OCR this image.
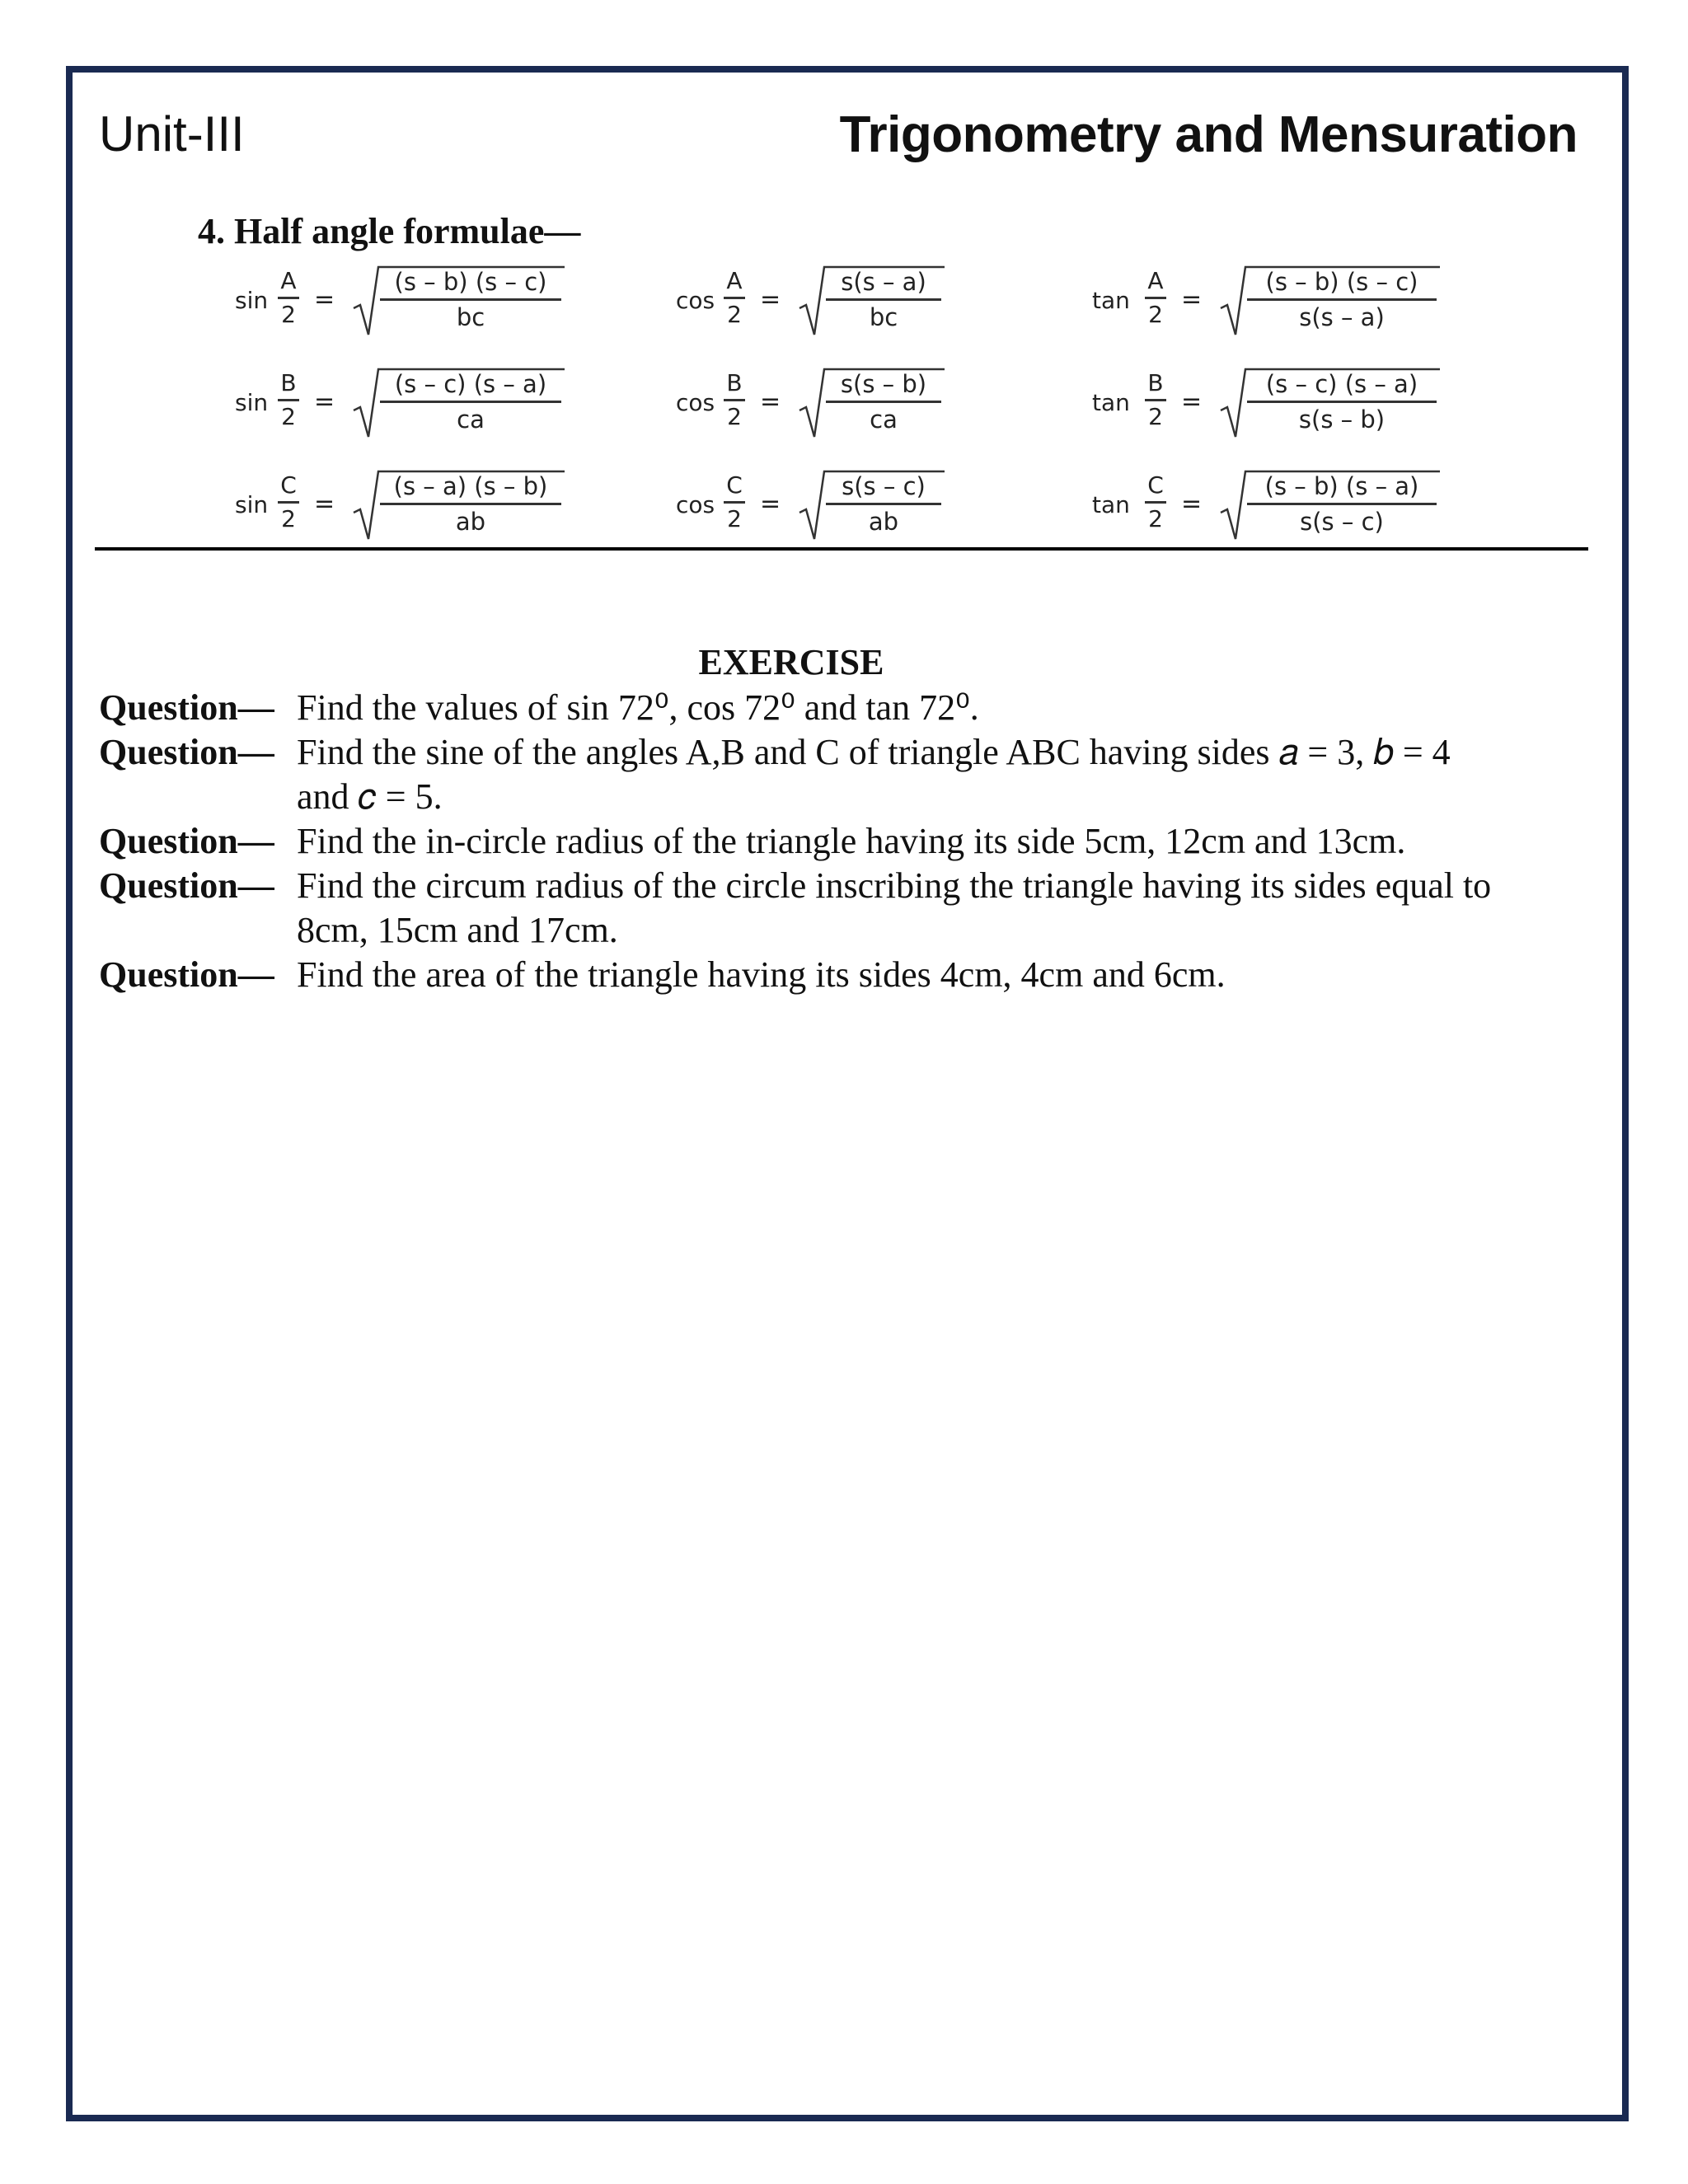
Unit-III	Trigonometry and Mensuration
4. Half angle formulae—
sin
A
2
=
(s – b) (s – c)
bc
cos
A
2
=
s(s – a)
bc
tan
A
2
=
(s – b) (s – c)
s(s – a)
sin
B
2
=
(s – c) (s – a)
ca
cos
B
2
=
s(s – b)
ca
tan
B
2
=
(s – c) (s – a)
s(s – b)
sin
C
2
=
(s – a) (s – b)
ab
cos
C
2
=
s(s – c)
ab
tan
C
2
=
(s – b) (s – a)
s(s – c)
EXERCISE
Question— Find the values of sin 72⁰, cos 72⁰ and tan 72⁰.
Question— Find the sine of the angles A,B and C of triangle ABC having sides 𝑎 = 3, 𝑏 = 4
and 𝑐 = 5.
Question— Find the in-circle radius of the triangle having its side 5cm, 12cm and 13cm.
Question— Find the circum radius of the circle inscribing the triangle having its sides equal to
8cm, 15cm and 17cm.
Question— Find the area of the triangle having its sides 4cm, 4cm and 6cm.
